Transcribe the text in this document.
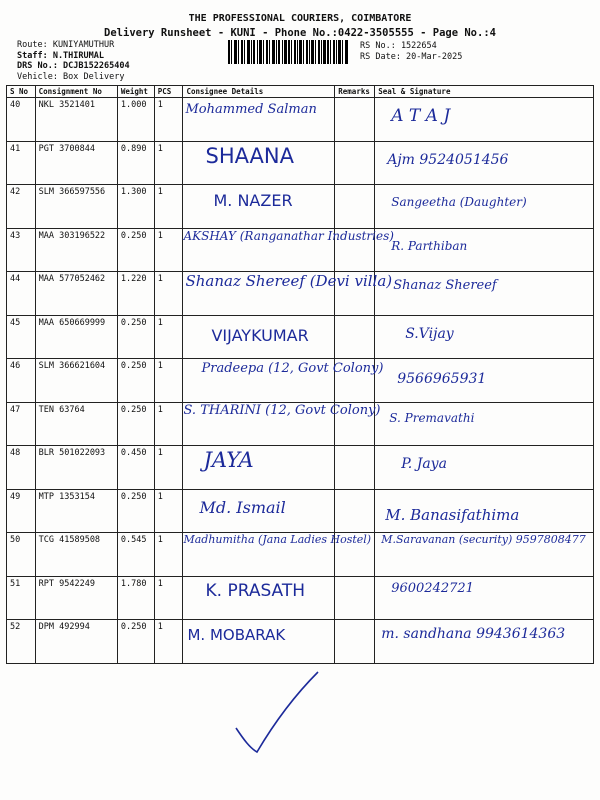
THE PROFESSIONAL COURIERS, COIMBATORE
Delivery Runsheet - KUNI - Phone No.:0422-3505555 - Page No.:4
Route: KUNIYAMUTHUR
Staff: N.THIRUMAL
DRS No.: DCJB152265404
Vehicle: Box Delivery
RS No.: 1522654
RS Date: 20-Mar-2025
S No	Consignment No	Weight	PCS	Consignee Details	Remarks	Seal & Signature
40	NKL 3521401	1.000	1	Mohammed Salman		A T A J

41	PGT 3700844	0.890	1	SHAANA		Ajm 9524051456

42	SLM 366597556	1.300	1	M. NAZER		Sangeetha (Daughter)

43	MAA 303196522	0.250	1	AKSHAY (Ranganathar Industries)		R. Parthiban

44	MAA 577052462	1.220	1	Shanaz Shereef (Devi villa)		Shanaz Shereef

45	MAA 650669999	0.250	1	VIJAYKUMAR		S.Vijay

46	SLM 366621604	0.250	1	Pradeepa (12, Govt Colony)		9566965931

47	TEN 63764	0.250	1	S. THARINI (12, Govt Colony)		S. Premavathi

48	BLR 501022093	0.450	1	JAYA		P. Jaya

49	MTP 1353154	0.250	1	Md. Ismail		M. Banasifathima

50	TCG 41589508	0.545	1	Madhumitha (Jana Ladies Hostel)		M.Saravanan (security) 9597808477

51	RPT 9542249	1.780	1	K. PRASATH		9600242721

52	DPM 492994	0.250	1	M. MOBARAK		m. sandhana 9943614363
